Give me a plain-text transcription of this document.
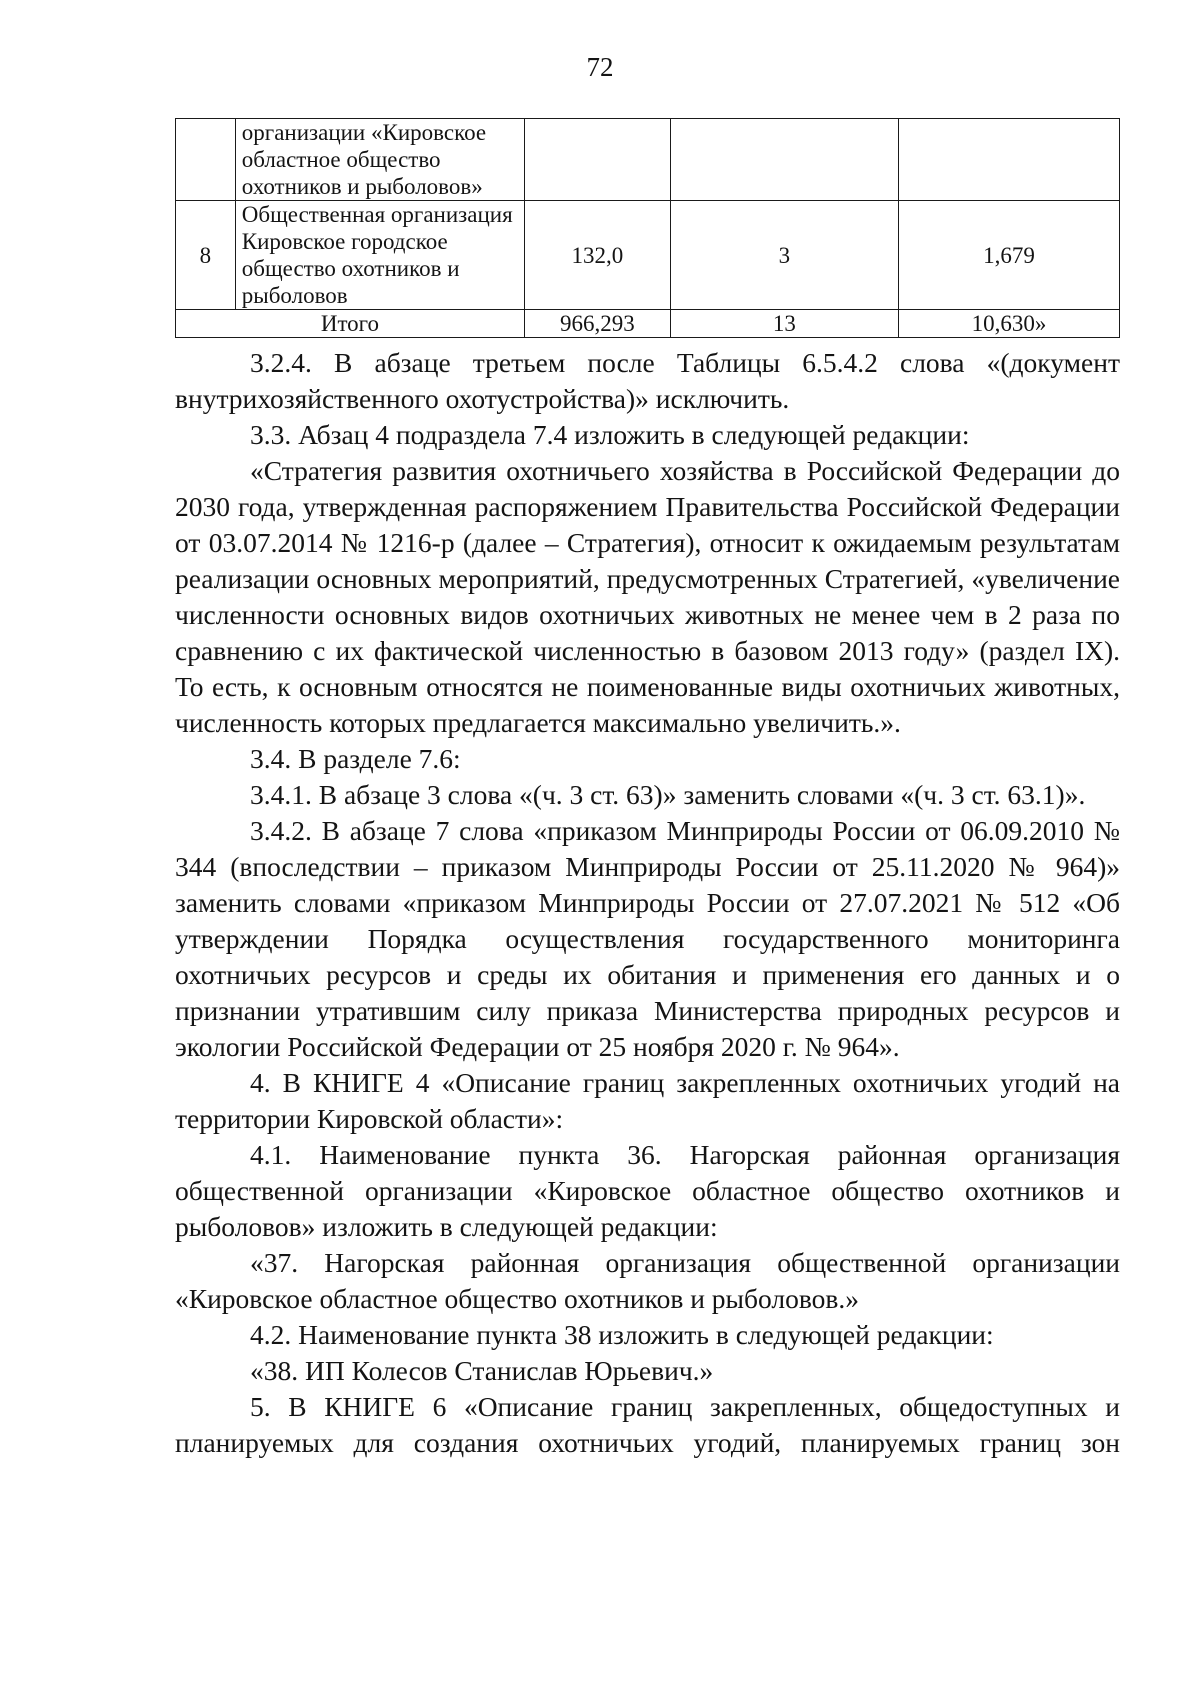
72
	организации «Кировское областное общество охотников и рыболовов»			
8	Общественная организация Кировское городское общество охотников и рыболовов	132,0	3	1,679
Итого		966,293	13	10,630»

3.2.4. В абзаце третьем после Таблицы 6.5.4.2 слова «(документ внутрихозяйственного охотустройства)» исключить.

3.3. Абзац 4 подраздела 7.4 изложить в следующей редакции:

«Стратегия развития охотничьего хозяйства в Российской Федерации до 2030 года, утвержденная распоряжением Правительства Российской Федерации от 03.07.2014 № 1216-р (далее – Стратегия), относит к ожидаемым результатам реализации основных мероприятий, предусмотренных Стратегией, «увеличение численности основных видов охотничьих животных не менее чем в 2 раза по сравнению с их фактической численностью в базовом 2013 году» (раздел IX). То есть, к основным относятся не поименованные виды охотничьих животных, численность которых предлагается максимально увеличить.».

3.4. В разделе 7.6:

3.4.1. В абзаце 3 слова «(ч. 3 ст. 63)» заменить словами «(ч. 3 ст. 63.1)».

3.4.2. В абзаце 7 слова «приказом Минприроды России от 06.09.2010 № 344 (впоследствии – приказом Минприроды России от 25.11.2020 № 964)» заменить словами «приказом Минприроды России от 27.07.2021 № 512 «Об утверждении Порядка осуществления государственного мониторинга охотничьих ресурсов и среды их обитания и применения его данных и о признании утратившим силу приказа Министерства природных ресурсов и экологии Российской Федерации от 25 ноября 2020 г. № 964».

4. В КНИГЕ 4 «Описание границ закрепленных охотничьих угодий на территории Кировской области»:

4.1. Наименование пункта 36. Нагорская районная организация общественной организации «Кировское областное общество охотников и рыболовов» изложить в следующей редакции:

«37. Нагорская районная организация общественной организации «Кировское областное общество охотников и рыболовов.»

4.2. Наименование пункта 38 изложить в следующей редакции:

«38. ИП Колесов Станислав Юрьевич.»

5. В КНИГЕ 6 «Описание границ закрепленных, общедоступных и планируемых для создания охотничьих угодий, планируемых границ зон
